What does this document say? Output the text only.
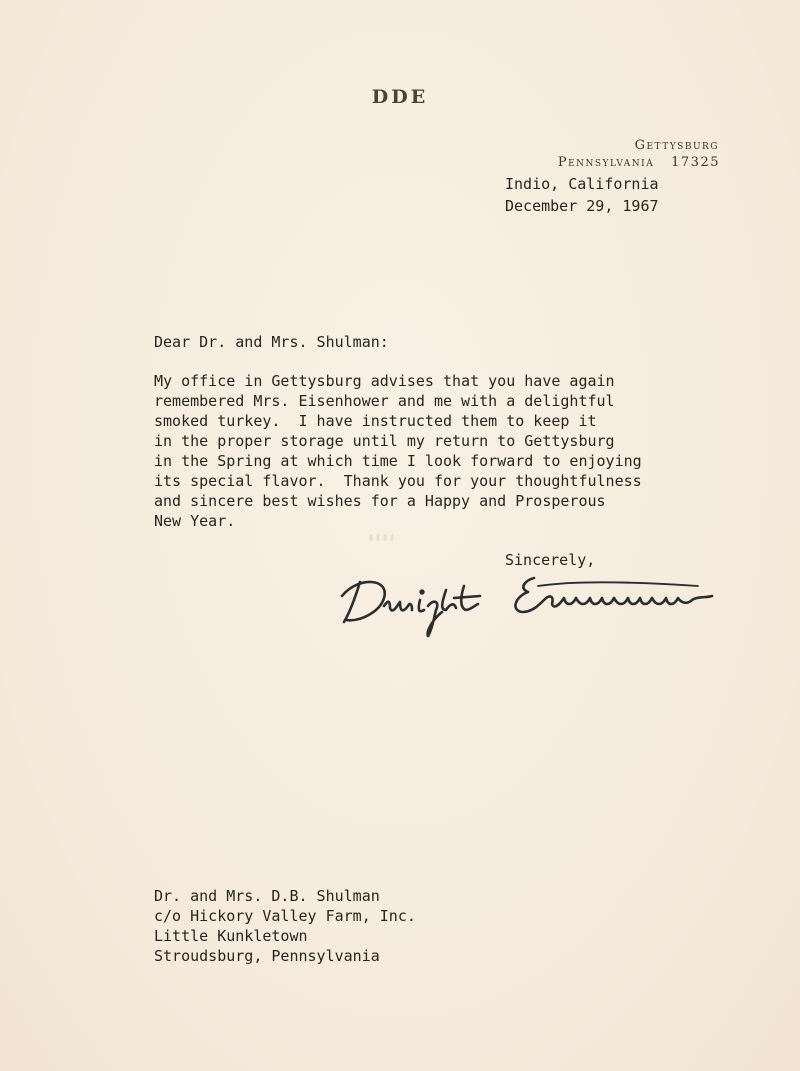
DDE
Gettysburg
Pennsylvania 17325
Indio, California
December 29, 1967
Dear Dr. and Mrs. Shulman:
My office in Gettysburg advises that you have again
remembered Mrs. Eisenhower and me with a delightful
smoked turkey.  I have instructed them to keep it
in the proper storage until my return to Gettysburg
in the Spring at which time I look forward to enjoying
its special flavor.  Thank you for your thoughtfulness
and sincere best wishes for a Happy and Prosperous
New Year.
▮▮▮▮
Sincerely,
Dr. and Mrs. D.B. Shulman
c/o Hickory Valley Farm, Inc.
Little Kunkletown
Stroudsburg, Pennsylvania
